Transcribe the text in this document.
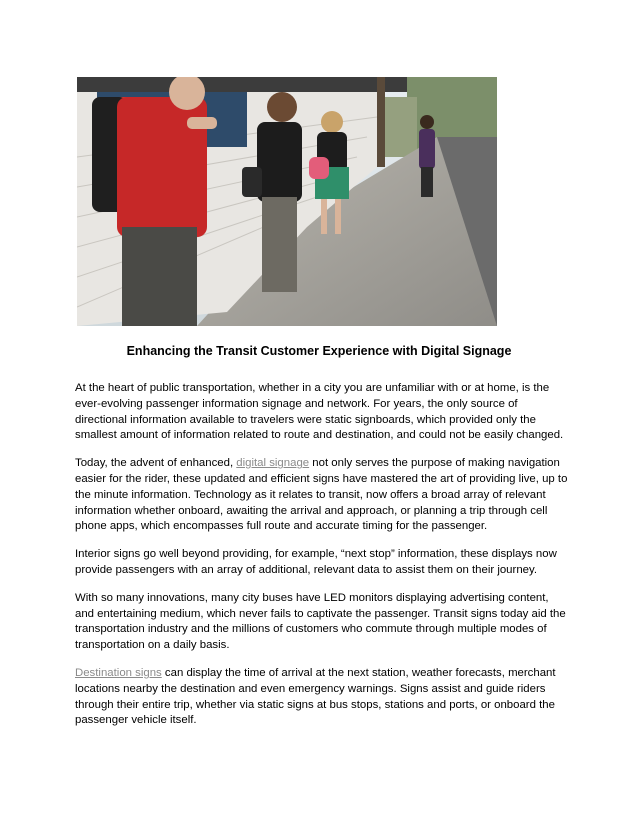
Enhancing the Transit Customer Experience with Digital Signage

At the heart of public transportation, whether in a city you are unfamiliar with or at home, is the ever-evolving passenger information signage and network. For years, the only source of directional information available to travelers were static signboards, which provided only the smallest amount of information related to route and destination, and could not be easily changed.

Today, the advent of enhanced, digital signage not only serves the purpose of making navigation easier for the rider, these updated and efficient signs have mastered the art of providing live, up to the minute information. Technology as it relates to transit, now offers a broad array of relevant information whether onboard, awaiting the arrival and approach, or planning a trip through cell phone apps, which encompasses full route and accurate timing for the passenger.

Interior signs go well beyond providing, for example, “next stop” information, these displays now provide passengers with an array of additional, relevant data to assist them on their journey.

With so many innovations, many city buses have LED monitors displaying advertising content, and entertaining medium, which never fails to captivate the passenger. Transit signs today aid the transportation industry and the millions of customers who commute through multiple modes of transportation on a daily basis.

Destination signs can display the time of arrival at the next station, weather forecasts, merchant locations nearby the destination and even emergency warnings. Signs assist and guide riders through their entire trip, whether via static signs at bus stops, stations and ports, or onboard the passenger vehicle itself.
